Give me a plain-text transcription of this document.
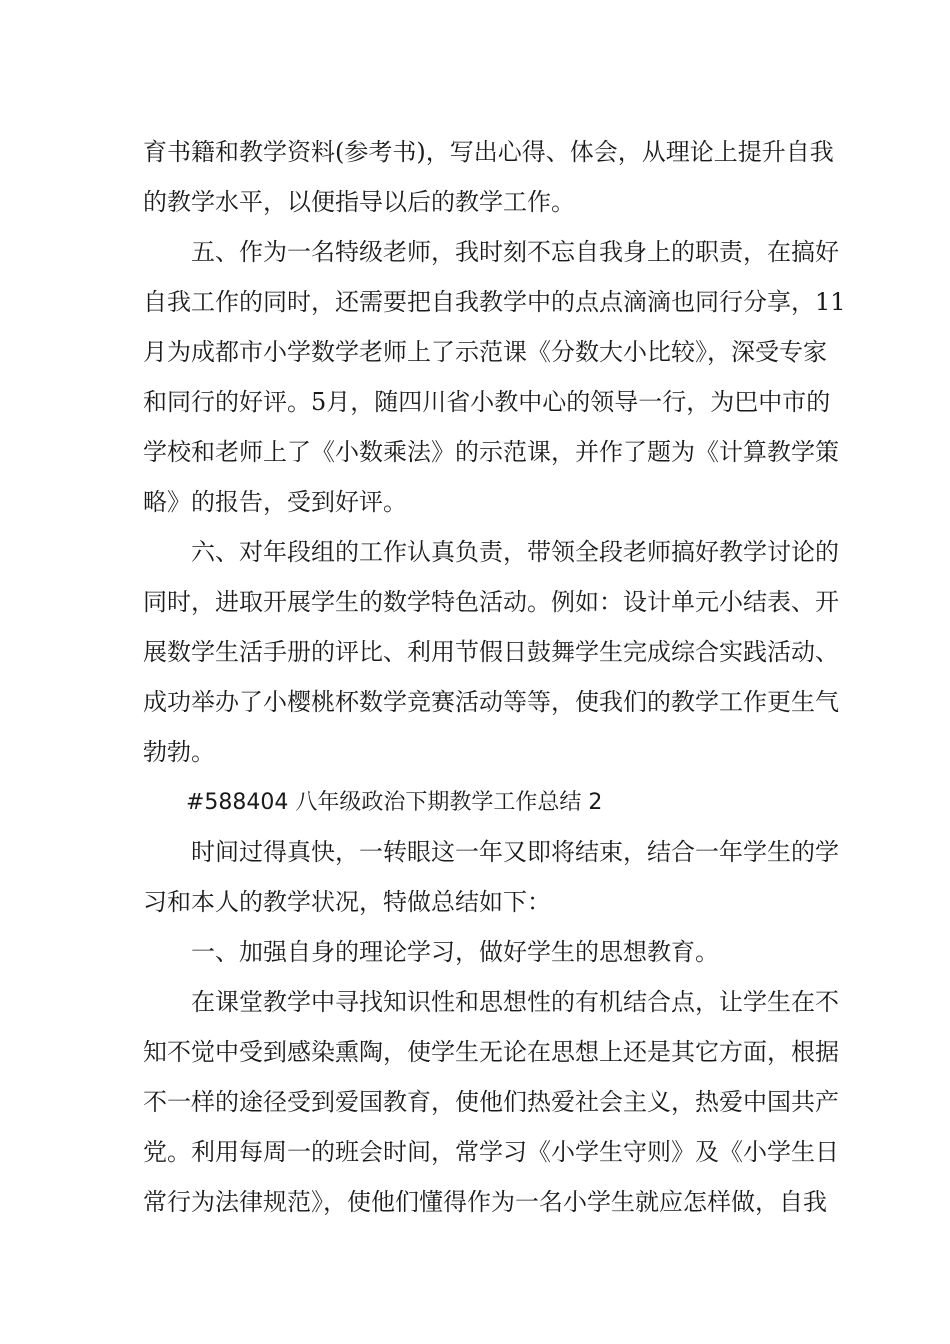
育书籍和教学资料(参考书)，写出心得、体会，从理论上提升自我
的教学水平，以便指导以后的教学工作。
五、作为一名特级老师，我时刻不忘自我身上的职责，在搞好
自我工作的同时，还需要把自我教学中的点点滴滴也同行分享，11
月为成都市小学数学老师上了示范课《分数大小比较》，深受专家
和同行的好评。5月，随四川省小教中心的领导一行，为巴中市的
学校和老师上了《小数乘法》的示范课，并作了题为《计算教学策
略》的报告，受到好评。
六、对年段组的工作认真负责，带领全段老师搞好教学讨论的
同时，进取开展学生的数学特色活动。例如：设计单元小结表、开
展数学生活手册的评比、利用节假日鼓舞学生完成综合实践活动、
成功举办了小樱桃杯数学竞赛活动等等，使我们的教学工作更生气
勃勃。
#588404 八年级政治下期教学工作总结 2
时间过得真快，一转眼这一年又即将结束，结合一年学生的学
习和本人的教学状况，特做总结如下：
一、加强自身的理论学习，做好学生的思想教育。
在课堂教学中寻找知识性和思想性的有机结合点，让学生在不
知不觉中受到感染熏陶，使学生无论在思想上还是其它方面，根据
不一样的途径受到爱国教育，使他们热爱社会主义，热爱中国共产
党。利用每周一的班会时间，常学习《小学生守则》及《小学生日
常行为法律规范》，使他们懂得作为一名小学生就应怎样做，自我
